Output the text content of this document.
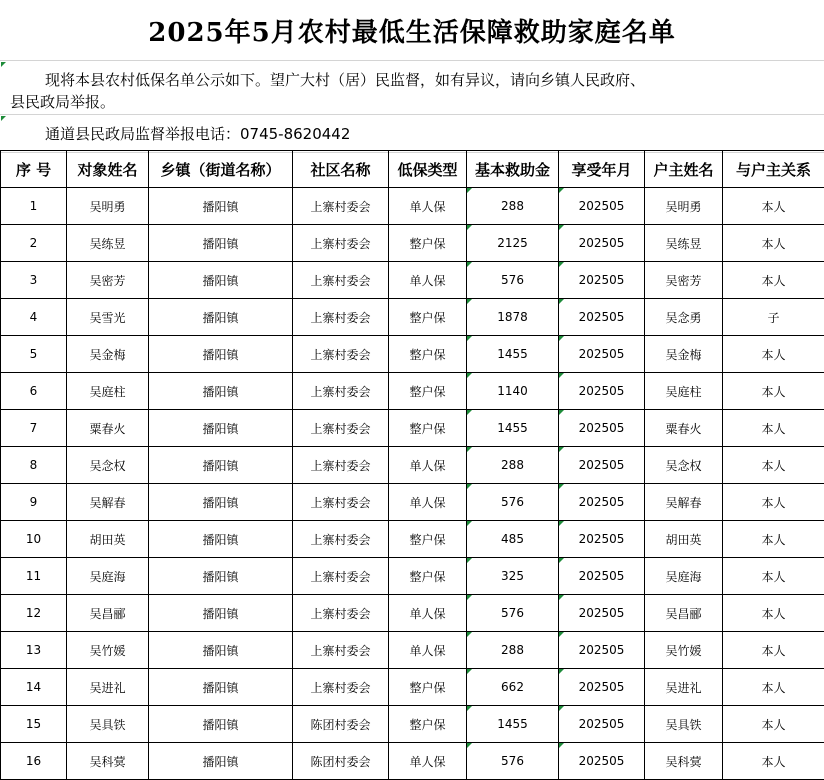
2025年5月农村最低生活保障救助家庭名单
现将本县农村低保名单公示如下。望广大村（居）民监督，如有异议，请向乡镇人民政府、
县民政局举报。
通道县民政局监督举报电话：0745-8620442
序 号	对象姓名	乡镇（街道名称）	社区名称	低保类型	基本救助金	享受年月	户主姓名	与户主关系
1	吴明勇	播阳镇	上寨村委会	单人保	288	202505	吴明勇	本人
2	吴练昱	播阳镇	上寨村委会	整户保	2125	202505	吴练昱	本人
3	吴密芳	播阳镇	上寨村委会	单人保	576	202505	吴密芳	本人
4	吴雪光	播阳镇	上寨村委会	整户保	1878	202505	吴念勇	子
5	吴金梅	播阳镇	上寨村委会	整户保	1455	202505	吴金梅	本人
6	吴庭柱	播阳镇	上寨村委会	整户保	1140	202505	吴庭柱	本人
7	粟春火	播阳镇	上寨村委会	整户保	1455	202505	粟春火	本人
8	吴念权	播阳镇	上寨村委会	单人保	288	202505	吴念权	本人
9	吴解春	播阳镇	上寨村委会	单人保	576	202505	吴解春	本人
10	胡田英	播阳镇	上寨村委会	整户保	485	202505	胡田英	本人
11	吴庭海	播阳镇	上寨村委会	整户保	325	202505	吴庭海	本人
12	吴昌郦	播阳镇	上寨村委会	单人保	576	202505	吴昌郦	本人
13	吴竹媛	播阳镇	上寨村委会	单人保	288	202505	吴竹媛	本人
14	吴进礼	播阳镇	上寨村委会	整户保	662	202505	吴进礼	本人
15	吴具铁	播阳镇	陈团村委会	整户保	1455	202505	吴具铁	本人
16	吴科蓂	播阳镇	陈团村委会	单人保	576	202505	吴科蓂	本人
